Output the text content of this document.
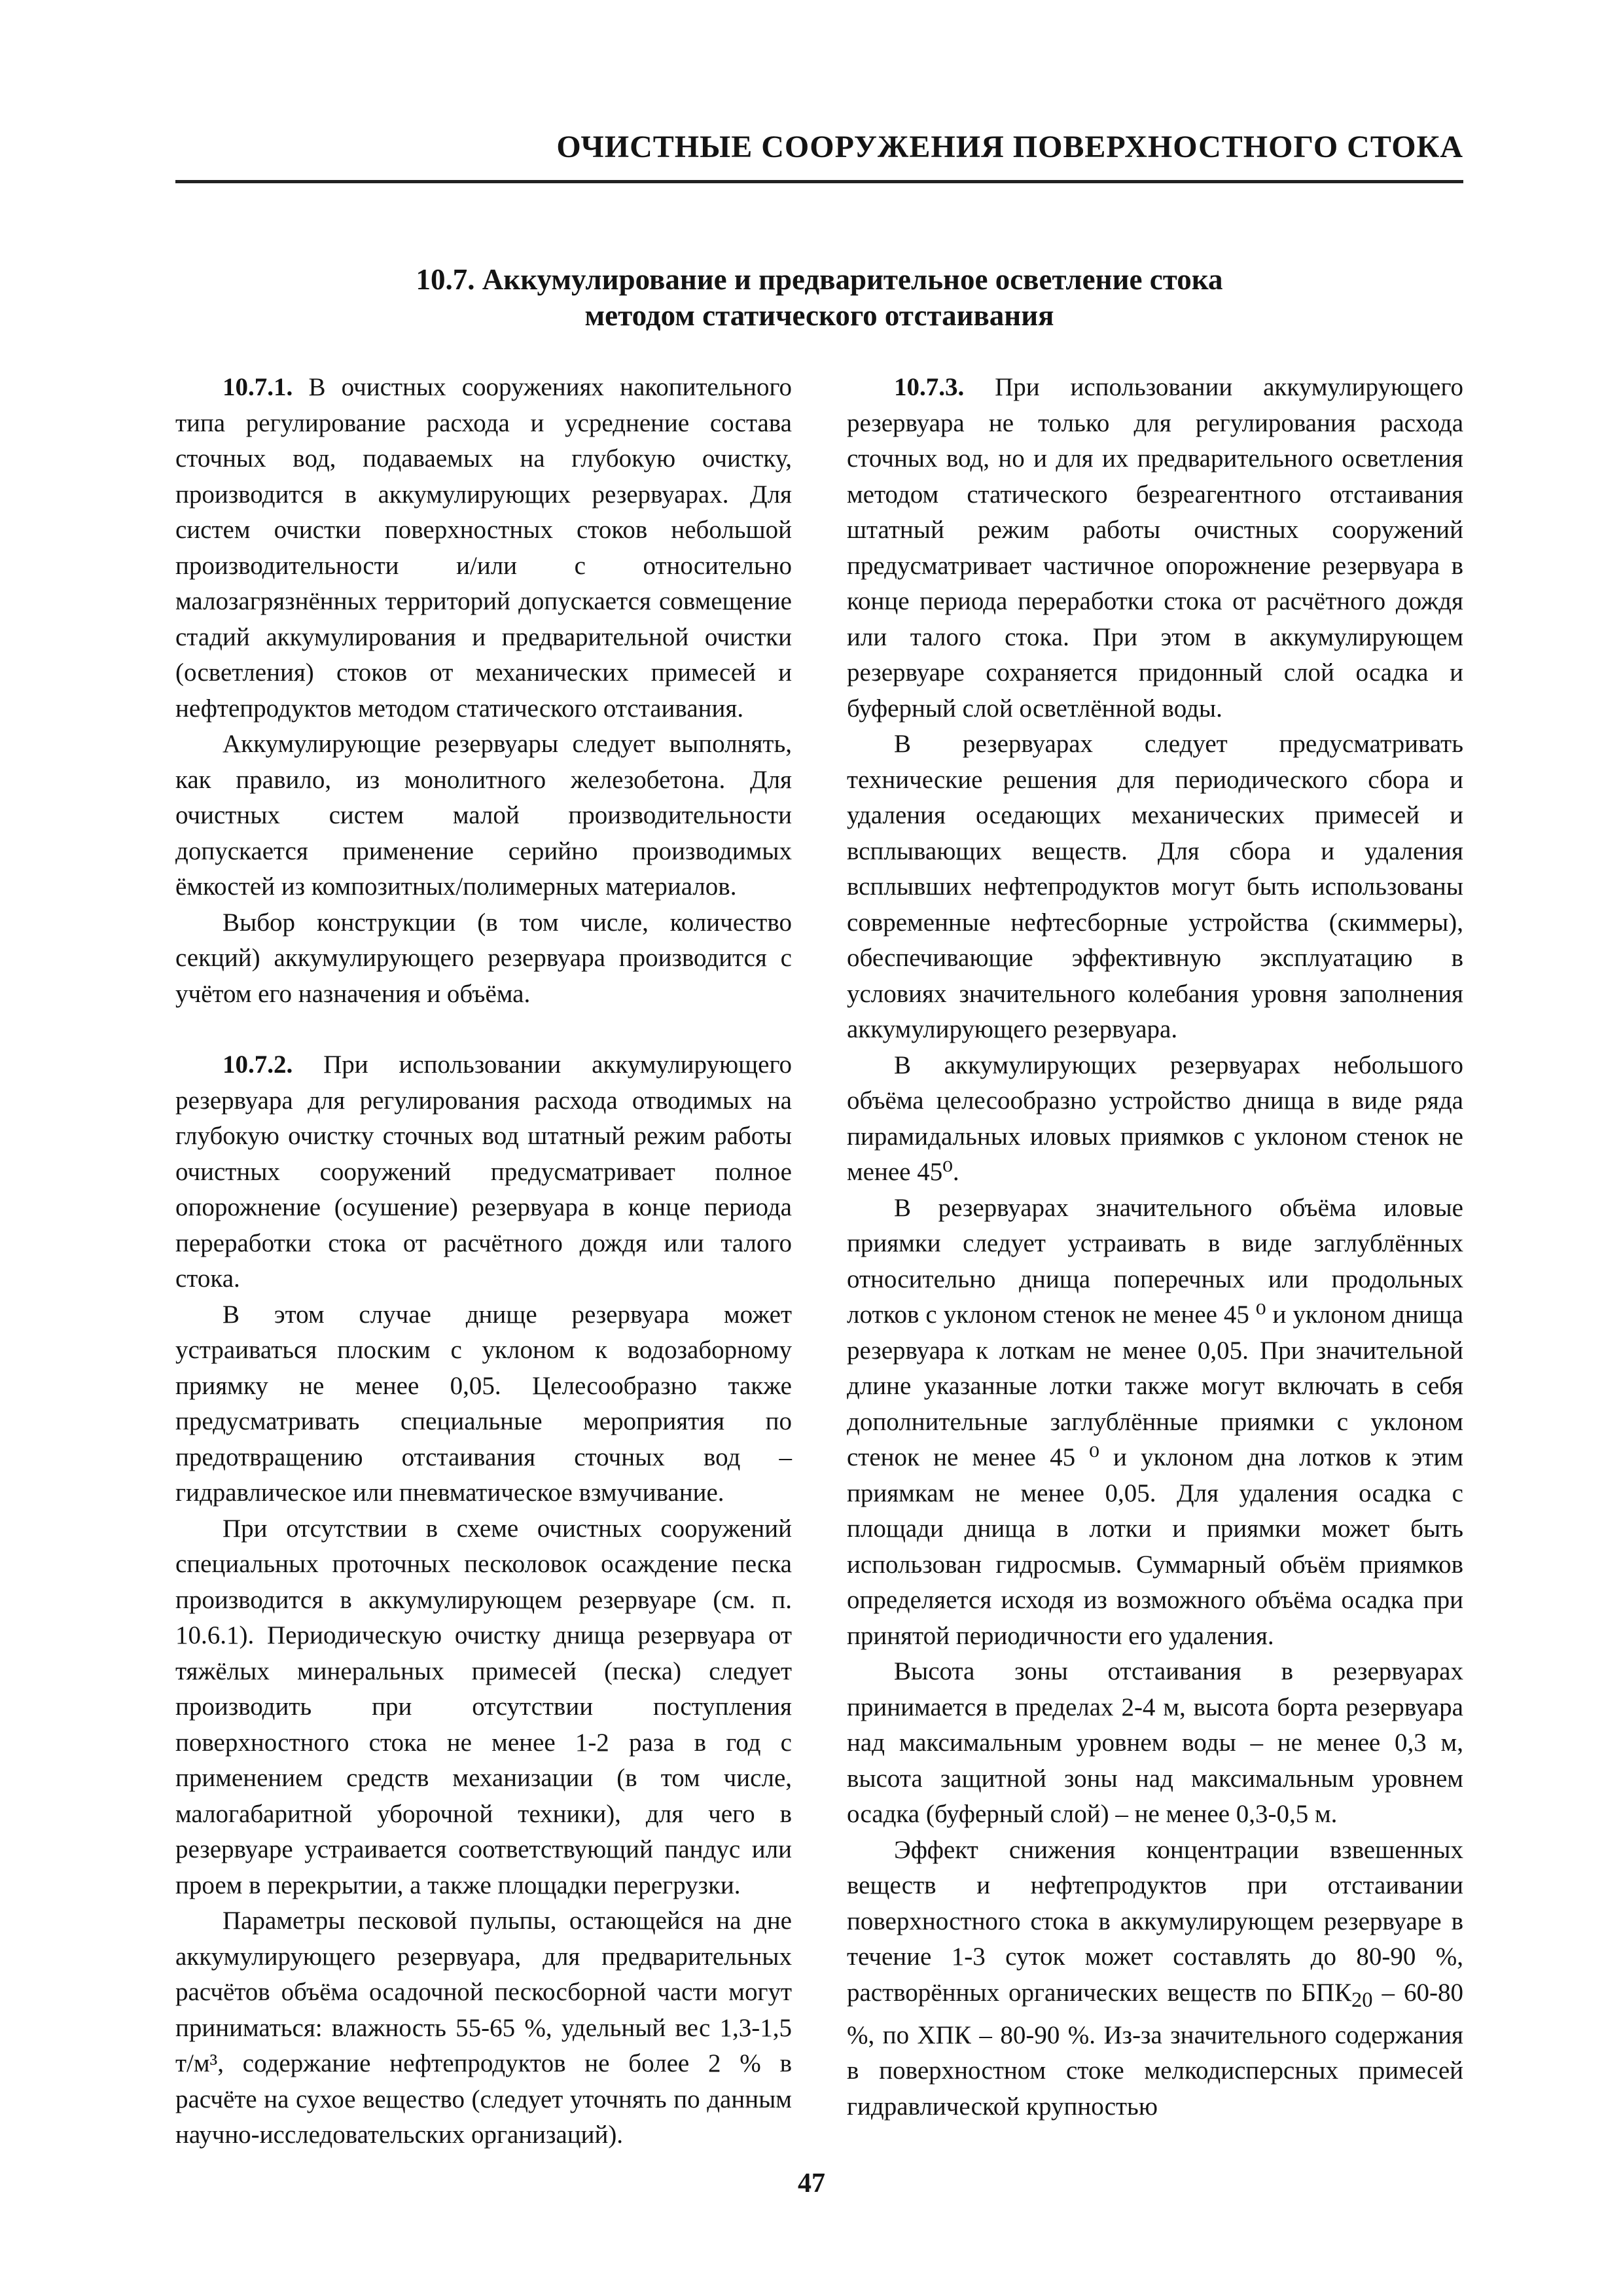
ОЧИСТНЫЕ СООРУЖЕНИЯ ПОВЕРХНОСТНОГО СТОКА
10.7. Аккумулирование и предварительное осветление стока
методом статического отстаивания

10.7.1. В очистных сооружениях накопительного типа регулирование расхода и усреднение состава сточных вод, подаваемых на глубокую очистку, производится в аккумулирующих резервуарах. Для систем очистки поверхностных стоков небольшой производительности и/или с относительно малозагрязнённых территорий допускается совмещение стадий аккумулирования и предварительной очистки (осветления) стоков от механических примесей и нефтепродуктов методом статического отстаивания.

Аккумулирующие резервуары следует выполнять, как правило, из монолитного железобетона. Для очистных систем малой производительности допускается применение серийно производимых ёмкостей из композитных/полимерных материалов.

Выбор конструкции (в том числе, количество секций) аккумулирующего резервуара производится с учётом его назначения и объёма.

10.7.2. При использовании аккумулирующего резервуара для регулирования расхода отводимых на глубокую очистку сточных вод штатный режим работы очистных сооружений предусматривает полное опорожнение (осушение) резервуара в конце периода переработки стока от расчётного дождя или талого стока.

В этом случае днище резервуара может устраиваться плоским с уклоном к водозаборному приямку не менее 0,05. Целесообразно также предусматривать специальные мероприятия по предотвращению отстаивания сточных вод – гидравлическое или пневматическое взмучивание.

При отсутствии в схеме очистных сооружений специальных проточных песколовок осаждение песка производится в аккумулирующем резервуаре (см. п. 10.6.1). Периодическую очистку днища резервуара от тяжёлых минеральных примесей (песка) следует производить при отсутствии поступления поверхностного стока не менее 1-2 раза в год с применением средств механизации (в том числе, малогабаритной уборочной техники), для чего в резервуаре устраивается соответствующий пандус или проем в перекрытии, а также площадки перегрузки.

Параметры песковой пульпы, остающейся на дне аккумулирующего резервуара, для предварительных расчётов объёма осадочной пескосборной части могут приниматься: влажность 55-65 %, удельный вес 1,3-1,5 т/м³, содержание нефтепродуктов не более 2 % в расчёте на сухое вещество (следует уточнять по данным научно-исследовательских организаций).

10.7.3. При использовании аккумулирующего резервуара не только для регулирования расхода сточных вод, но и для их предварительного осветления методом статического безреагентного отстаивания штатный режим работы очистных сооружений предусматривает частичное опорожнение резервуара в конце периода переработки стока от расчётного дождя или талого стока. При этом в аккумулирующем резервуаре сохраняется придонный слой осадка и буферный слой осветлённой воды.

В резервуарах следует предусматривать технические решения для периодического сбора и удаления оседающих механических примесей и всплывающих веществ. Для сбора и удаления всплывших нефтепродуктов могут быть использованы современные нефтесборные устройства (скиммеры), обеспечивающие эффективную эксплуатацию в условиях значительного колебания уровня заполнения аккумулирующего резервуара.

В аккумулирующих резервуарах небольшого объёма целесообразно устройство днища в виде ряда пирамидальных иловых приямков с уклоном стенок не менее 45⁰.

В резервуарах значительного объёма иловые приямки следует устраивать в виде заглублённых относительно днища поперечных или продольных лотков с уклоном стенок не менее 45 ⁰ и уклоном днища резервуара к лоткам не менее 0,05. При значительной длине указанные лотки также могут включать в себя дополнительные заглублённые приямки с уклоном стенок не менее 45 ⁰ и уклоном дна лотков к этим приямкам не менее 0,05. Для удаления осадка с площади днища в лотки и приямки может быть использован гидросмыв. Суммарный объём приямков определяется исходя из возможного объёма осадка при принятой периодичности его удаления.

Высота зоны отстаивания в резервуарах принимается в пределах 2-4 м, высота борта резервуара над максимальным уровнем воды – не менее 0,3 м, высота защитной зоны над максимальным уровнем осадка (буферный слой) – не менее 0,3-0,5 м.

Эффект снижения концентрации взвешенных веществ и нефтепродуктов при отстаивании поверхностного стока в аккумулирующем резервуаре в течение 1-3 суток может составлять до 80-90 %, растворённых органических веществ по $БПК_{20} - 60-80$ %, по ХПК – 80-90 %. Из-за значительного содержания в поверхностном стоке мелкодисперсных примесей гидравлической крупностью

47
